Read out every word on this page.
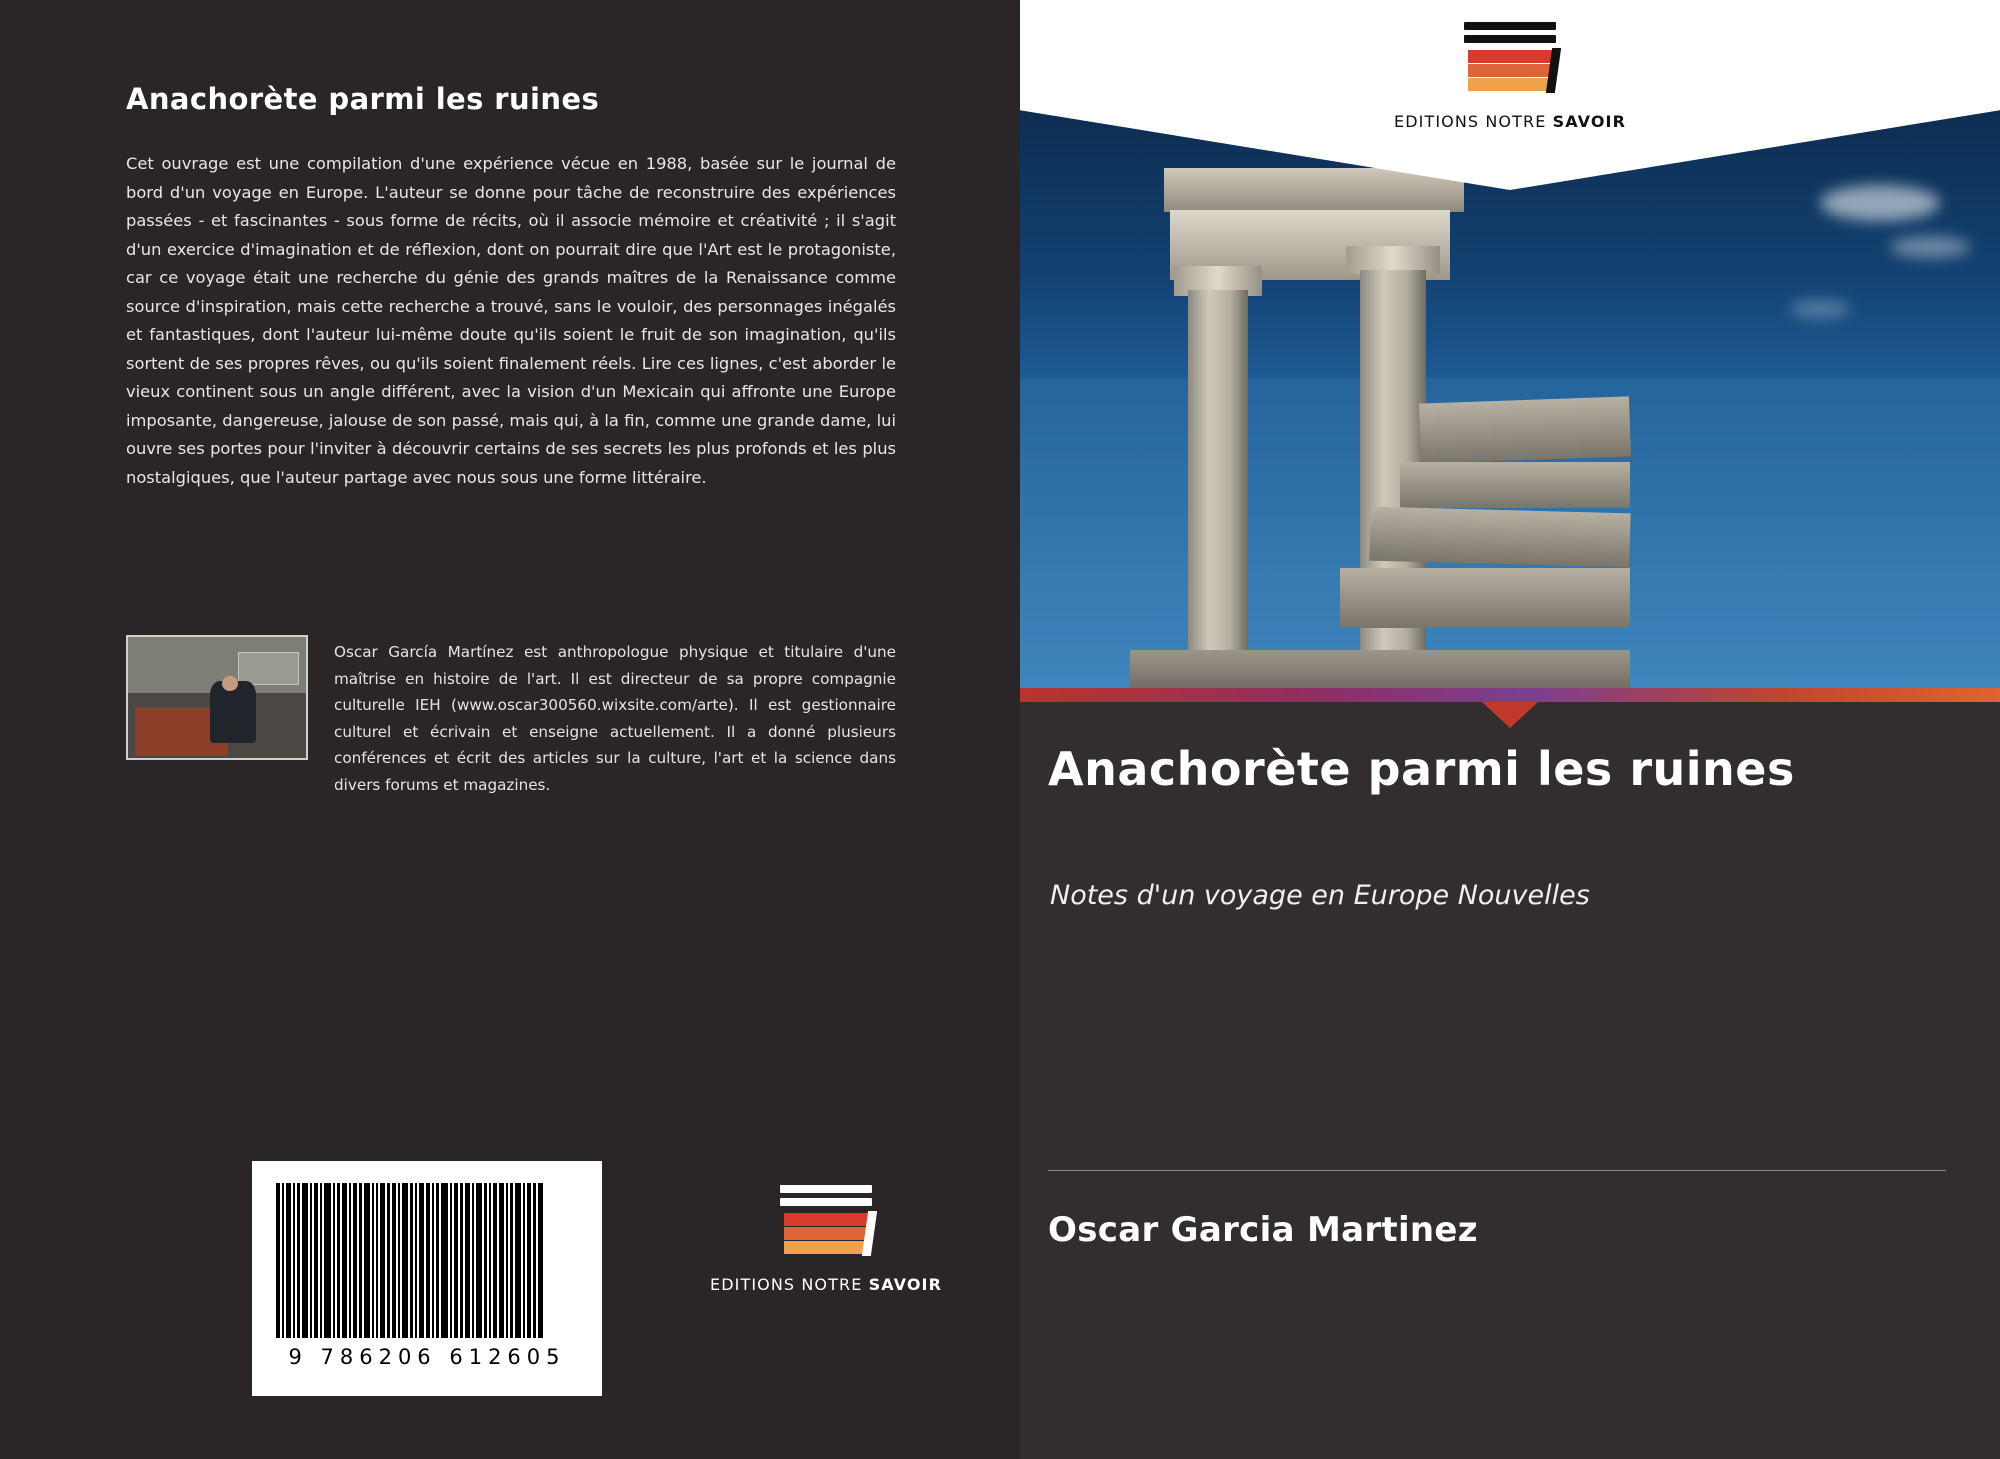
Anachorète parmi les ruines
Cet ouvrage est une compilation d'une expérience vécue en 1988, basée sur le journal de bord d'un voyage en Europe. L'auteur se donne pour tâche de reconstruire des expériences passées - et fascinantes - sous forme de récits, où il associe mémoire et créativité ; il s'agit d'un exercice d'imagination et de réflexion, dont on pourrait dire que l'Art est le protagoniste, car ce voyage était une recherche du génie des grands maîtres de la Renaissance comme source d'inspiration, mais cette recherche a trouvé, sans le vouloir, des personnages inégalés et fantastiques, dont l'auteur lui-même doute qu'ils soient le fruit de son imagination, qu'ils sortent de ses propres rêves, ou qu'ils soient finalement réels. Lire ces lignes, c'est aborder le vieux continent sous un angle différent, avec la vision d'un Mexicain qui affronte une Europe imposante, dangereuse, jalouse de son passé, mais qui, à la fin, comme une grande dame, lui ouvre ses portes pour l'inviter à découvrir certains de ses secrets les plus profonds et les plus nostalgiques, que l'auteur partage avec nous sous une forme littéraire.
Oscar García Martínez est anthropologue physique et titulaire d'une maîtrise en histoire de l'art. Il est directeur de sa propre compagnie culturelle IEH (www.oscar300560.wixsite.com/arte). Il est gestionnaire culturel et écrivain et enseigne actuellement. Il a donné plusieurs conférences et écrit des articles sur la culture, l'art et la science dans divers forums et magazines.
9 786206 612605
EDITIONS NOTRE SAVOIR
EDITIONS NOTRE SAVOIR
Anachorète parmi les ruines
Notes d'un voyage en Europe Nouvelles
Oscar Garcia Martinez
